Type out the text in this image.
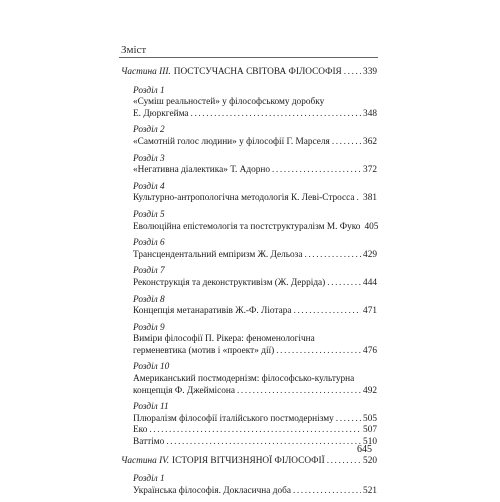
Зміст
Частина ІІІ. ПОСТСУЧАСНА СВІТОВА ФІЛОСОФІЯ ..... 339
Розділ 1
«Суміш реальностей» у філософському доробку
Е. Дюркгейма .....	348
Розділ 2
«Самотній голос людини» у філософії Г. Марселя .....	362
Розділ 3
«Негативна діалектика» Т. Адорно .....	372
Розділ 4
Культурно-антропологічна методологія К. Леві-Стросса ..... 381
Розділ 5
Еволюційна епістемологія та постструктуралізм М. Фуко 405
Розділ 6
Трансцендентальний емпіризм Ж. Дельоза .....	429
Розділ 7
Реконструкція та деконструктивізм (Ж. Дерріда) .....	444
Розділ 8
Концепція метанаративів Ж.-Ф. Ліотара .....	471
Розділ 9
Виміри філософії П. Рікера: феноменологічна
герменевтика (мотив і «проект» дії) .....	476
Розділ 10
Американський постмодернізм: філософсько-культурна
концепція Ф. Джеймісона .....	492
Розділ 11
Плюралізм філософії італійського постмодернізму .....	505
Еко .....	507
Ваттімо .....	510
Частина IV. ІСТОРІЯ ВІТЧИЗНЯНОЇ ФІЛОСОФІЇ .....	520
Розділ 1
Українська філософія. Докласична доба .....	521
645
